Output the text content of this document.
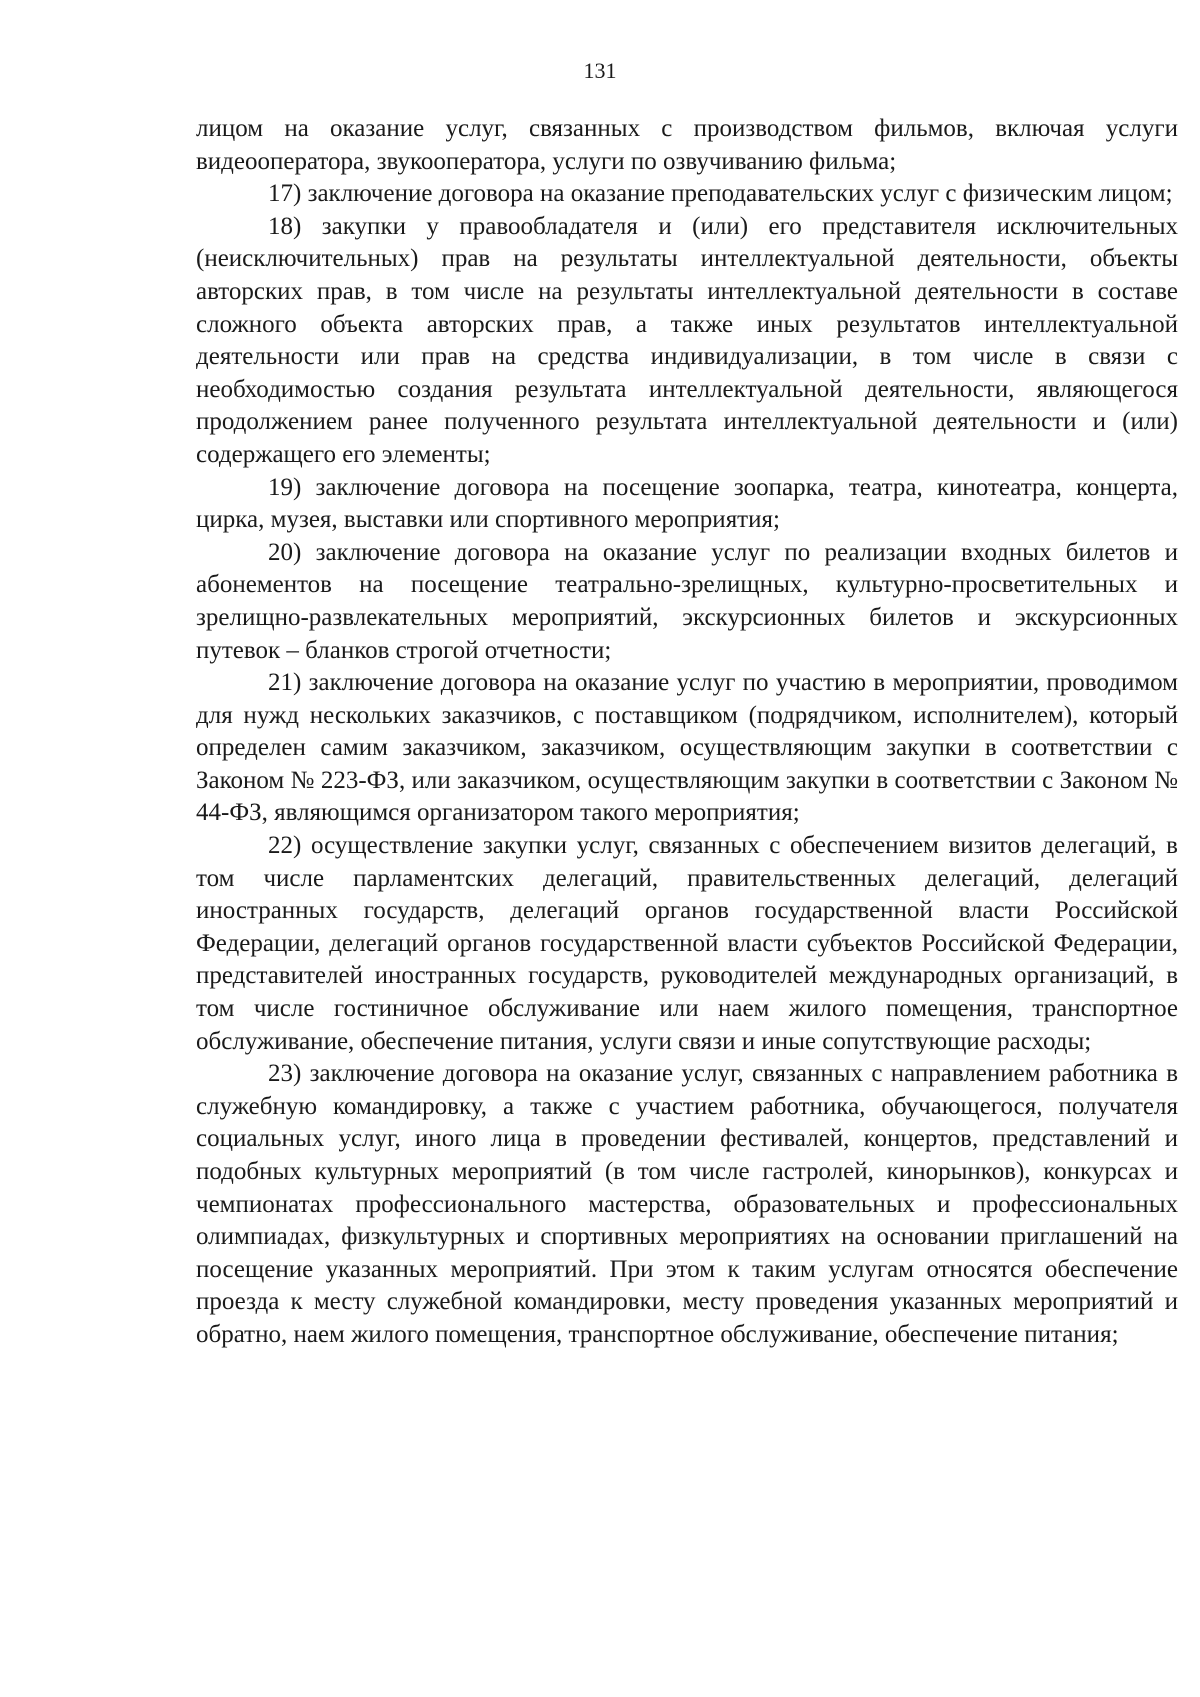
131

лицом на оказание услуг, связанных с производством фильмов, включая услуги видеооператора, звукооператора, услуги по озвучиванию фильма;

17) заключение договора на оказание преподавательских услуг с физическим лицом;

18) закупки у правообладателя и (или) его представителя исключительных (неисключительных) прав на результаты интеллектуальной деятельности, объекты авторских прав, в том числе на результаты интеллектуальной деятельности в составе сложного объекта авторских прав, а также иных результатов интеллектуальной деятельности или прав на средства индивидуализации, в том числе в связи с необходимостью создания результата интеллектуальной деятельности, являющегося продолжением ранее полученного результата интеллектуальной деятельности и (или) содержащего его элементы;

19) заключение договора на посещение зоопарка, театра, кинотеатра, концерта, цирка, музея, выставки или спортивного мероприятия;

20) заключение договора на оказание услуг по реализации входных билетов и абонементов на посещение театрально-зрелищных, культурно-просветительных и зрелищно-развлекательных мероприятий, экскурсионных билетов и экскурсионных путевок – бланков строгой отчетности;

21) заключение договора на оказание услуг по участию в мероприятии, проводимом для нужд нескольких заказчиков, с поставщиком (подрядчиком, исполнителем), который определен самим заказчиком, заказчиком, осуществляющим закупки в соответствии с Законом № 223-ФЗ, или заказчиком, осуществляющим закупки в соответствии с Законом № 44-ФЗ, являющимся организатором такого мероприятия;

22) осуществление закупки услуг, связанных с обеспечением визитов делегаций, в том числе парламентских делегаций, правительственных делегаций, делегаций иностранных государств, делегаций органов государственной власти Российской Федерации, делегаций органов государственной власти субъектов Российской Федерации, представителей иностранных государств, руководителей международных организаций, в том числе гостиничное обслуживание или наем жилого помещения, транспортное обслуживание, обеспечение питания, услуги связи и иные сопутствующие расходы;

23) заключение договора на оказание услуг, связанных с направлением работника в служебную командировку, а также с участием работника, обучающегося, получателя социальных услуг, иного лица в проведении фестивалей, концертов, представлений и подобных культурных мероприятий (в том числе гастролей, кинорынков), конкурсах и чемпионатах профессионального мастерства, образовательных и профессиональных олимпиадах, физкультурных и спортивных мероприятиях на основании приглашений на посещение указанных мероприятий. При этом к таким услугам относятся обеспечение проезда к месту служебной командировки, месту проведения указанных мероприятий и обратно, наем жилого помещения, транспортное обслуживание, обеспечение питания;
